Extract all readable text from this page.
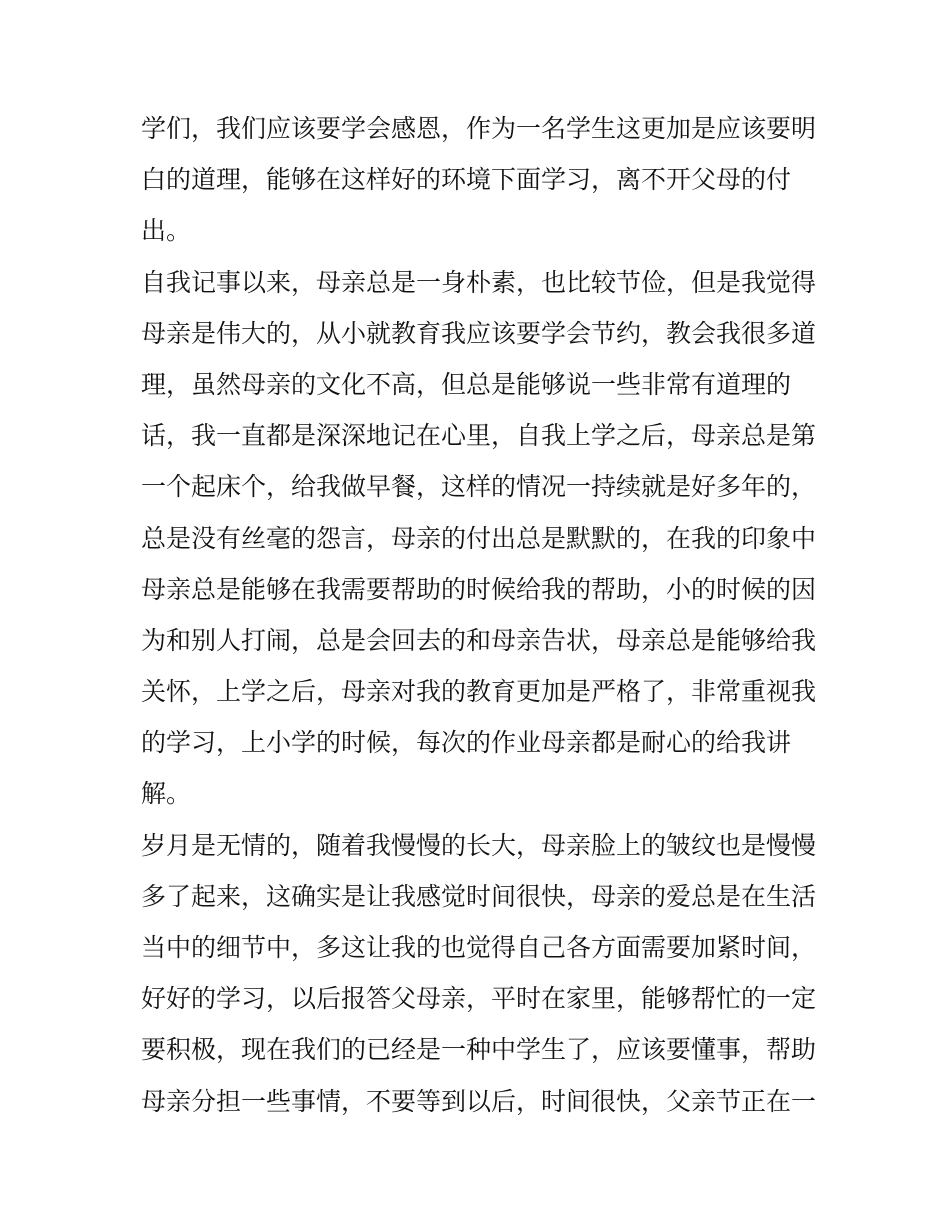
学们，我们应该要学会感恩，作为一名学生这更加是应该要明
白的道理，能够在这样好的环境下面学习，离不开父母的付
出。
自我记事以来，母亲总是一身朴素，也比较节俭，但是我觉得
母亲是伟大的，从小就教育我应该要学会节约，教会我很多道
理，虽然母亲的文化不高，但总是能够说一些非常有道理的
话，我一直都是深深地记在心里，自我上学之后，母亲总是第
一个起床个，给我做早餐，这样的情况一持续就是好多年的，
总是没有丝毫的怨言，母亲的付出总是默默的，在我的印象中
母亲总是能够在我需要帮助的时候给我的帮助，小的时候的因
为和别人打闹，总是会回去的和母亲告状，母亲总是能够给我
关怀，上学之后，母亲对我的教育更加是严格了，非常重视我
的学习，上小学的时候，每次的作业母亲都是耐心的给我讲
解。
岁月是无情的，随着我慢慢的长大，母亲脸上的皱纹也是慢慢
多了起来，这确实是让我感觉时间很快，母亲的爱总是在生活
当中的细节中，多这让我的也觉得自己各方面需要加紧时间，
好好的学习，以后报答父母亲，平时在家里，能够帮忙的一定
要积极，现在我们的已经是一种中学生了，应该要懂事，帮助
母亲分担一些事情，不要等到以后，时间很快，父亲节正在一
